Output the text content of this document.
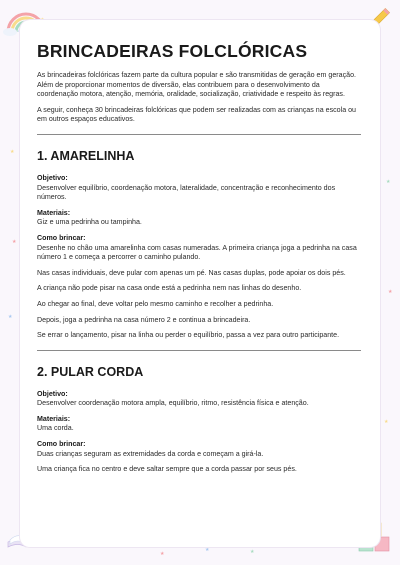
★
★
★
★
★
★
★
★	★
BRINCADEIRAS FOLCLÓRICAS

As brincadeiras folclóricas fazem parte da cultura popular e são transmitidas de geração em geração. Além de proporcionar momentos de diversão, elas contribuem para o desenvolvimento da coordenação motora, atenção, memória, oralidade, socialização, criatividade e respeito às regras.

A seguir, conheça 30 brincadeiras folclóricas que podem ser realizadas com as crianças na escola ou em outros espaços educativos.

1. AMARELINHA
Objetivo:

Desenvolver equilíbrio, coordenação motora, lateralidade, concentração e reconhecimento dos números.

Materiais:

Giz e uma pedrinha ou tampinha.

Como brincar:

Desenhe no chão uma amarelinha com casas numeradas. A primeira criança joga a pedrinha na casa número 1 e começa a percorrer o caminho pulando.

Nas casas individuais, deve pular com apenas um pé. Nas casas duplas, pode apoiar os dois pés.

A criança não pode pisar na casa onde está a pedrinha nem nas linhas do desenho.

Ao chegar ao final, deve voltar pelo mesmo caminho e recolher a pedrinha.

Depois, joga a pedrinha na casa número 2 e continua a brincadeira.

Se errar o lançamento, pisar na linha ou perder o equilíbrio, passa a vez para outro participante.

2. PULAR CORDA
Objetivo:

Desenvolver coordenação motora ampla, equilíbrio, ritmo, resistência física e atenção.

Materiais:

Uma corda.

Como brincar:

Duas crianças seguram as extremidades da corda e começam a girá-la.

Uma criança fica no centro e deve saltar sempre que a corda passar por seus pés.
